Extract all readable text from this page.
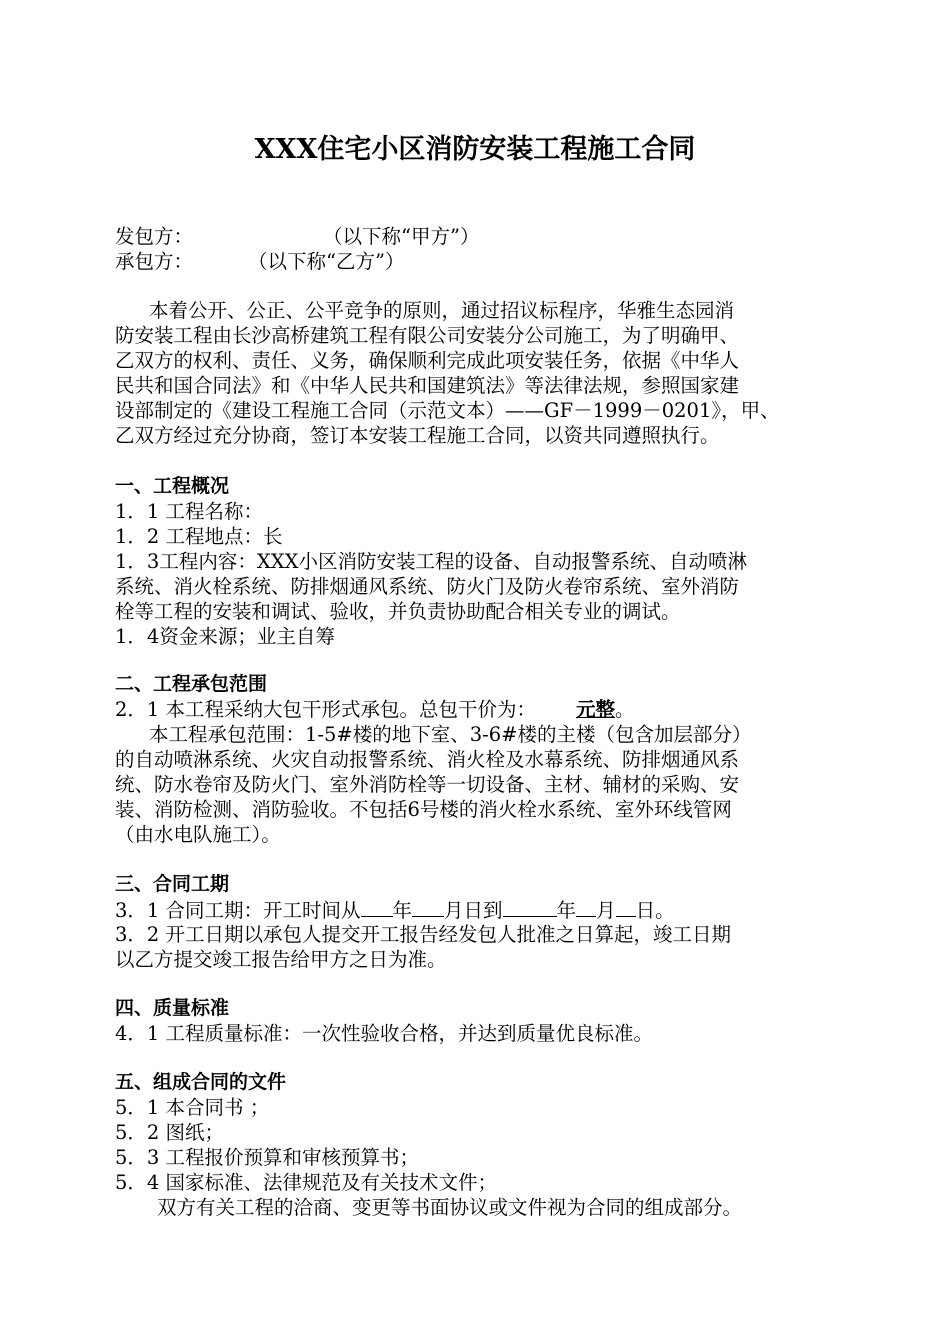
XXX住宅小区消防安装工程施工合同
发包方：	（以下称“甲方”）
承包方：	（以下称“乙方”）
本着公开、公正、公平竞争的原则，通过招议标程序，华雅生态园消
防安装工程由长沙高桥建筑工程有限公司安装分公司施工，为了明确甲、
乙双方的权利、责任、义务，确保顺利完成此项安装任务，依据《中华人
民共和国合同法》和《中华人民共和国建筑法》等法律法规，参照国家建
设部制定的《建设工程施工合同（示范文本）——GF－1999－0201》，甲、
乙双方经过充分协商，签订本安装工程施工合同，以资共同遵照执行。
一、工程概况
1．1 工程名称：
1．2 工程地点：长
1．3工程内容：XXX小区消防安装工程的设备、自动报警系统、自动喷淋
系统、消火栓系统、防排烟通风系统、防火门及防火卷帘系统、室外消防
栓等工程的安装和调试、验收，并负责协助配合相关专业的调试。
1．4资金来源；业主自筹
二、工程承包范围
2．1 本工程采纳大包干形式承包。总包干价为： 元整。
本工程承包范围：1-5#楼的地下室、3-6#楼的主楼（包含加层部分）
的自动喷淋系统、火灾自动报警系统、消火栓及水幕系统、防排烟通风系
统、防水卷帘及防火门、室外消防栓等一切设备、主材、辅材的采购、安
装、消防检测、消防验收。不包括6号楼的消火栓水系统、室外环线管网
（由水电队施工）。
三、合同工期
3．1 合同工期：开工时间从 年 月日到	年 月 日。
3．2 开工日期以承包人提交开工报告经发包人批准之日算起，竣工日期
以乙方提交竣工报告给甲方之日为准。
四、质量标准
4．1 工程质量标准：一次性验收合格，并达到质量优良标准。
五、组成合同的文件
5．1 本合同书 ；
5．2 图纸；
5．3 工程报价预算和审核预算书；
5．4 国家标准、法律规范及有关技术文件；
双方有关工程的洽商、变更等书面协议或文件视为合同的组成部分。
